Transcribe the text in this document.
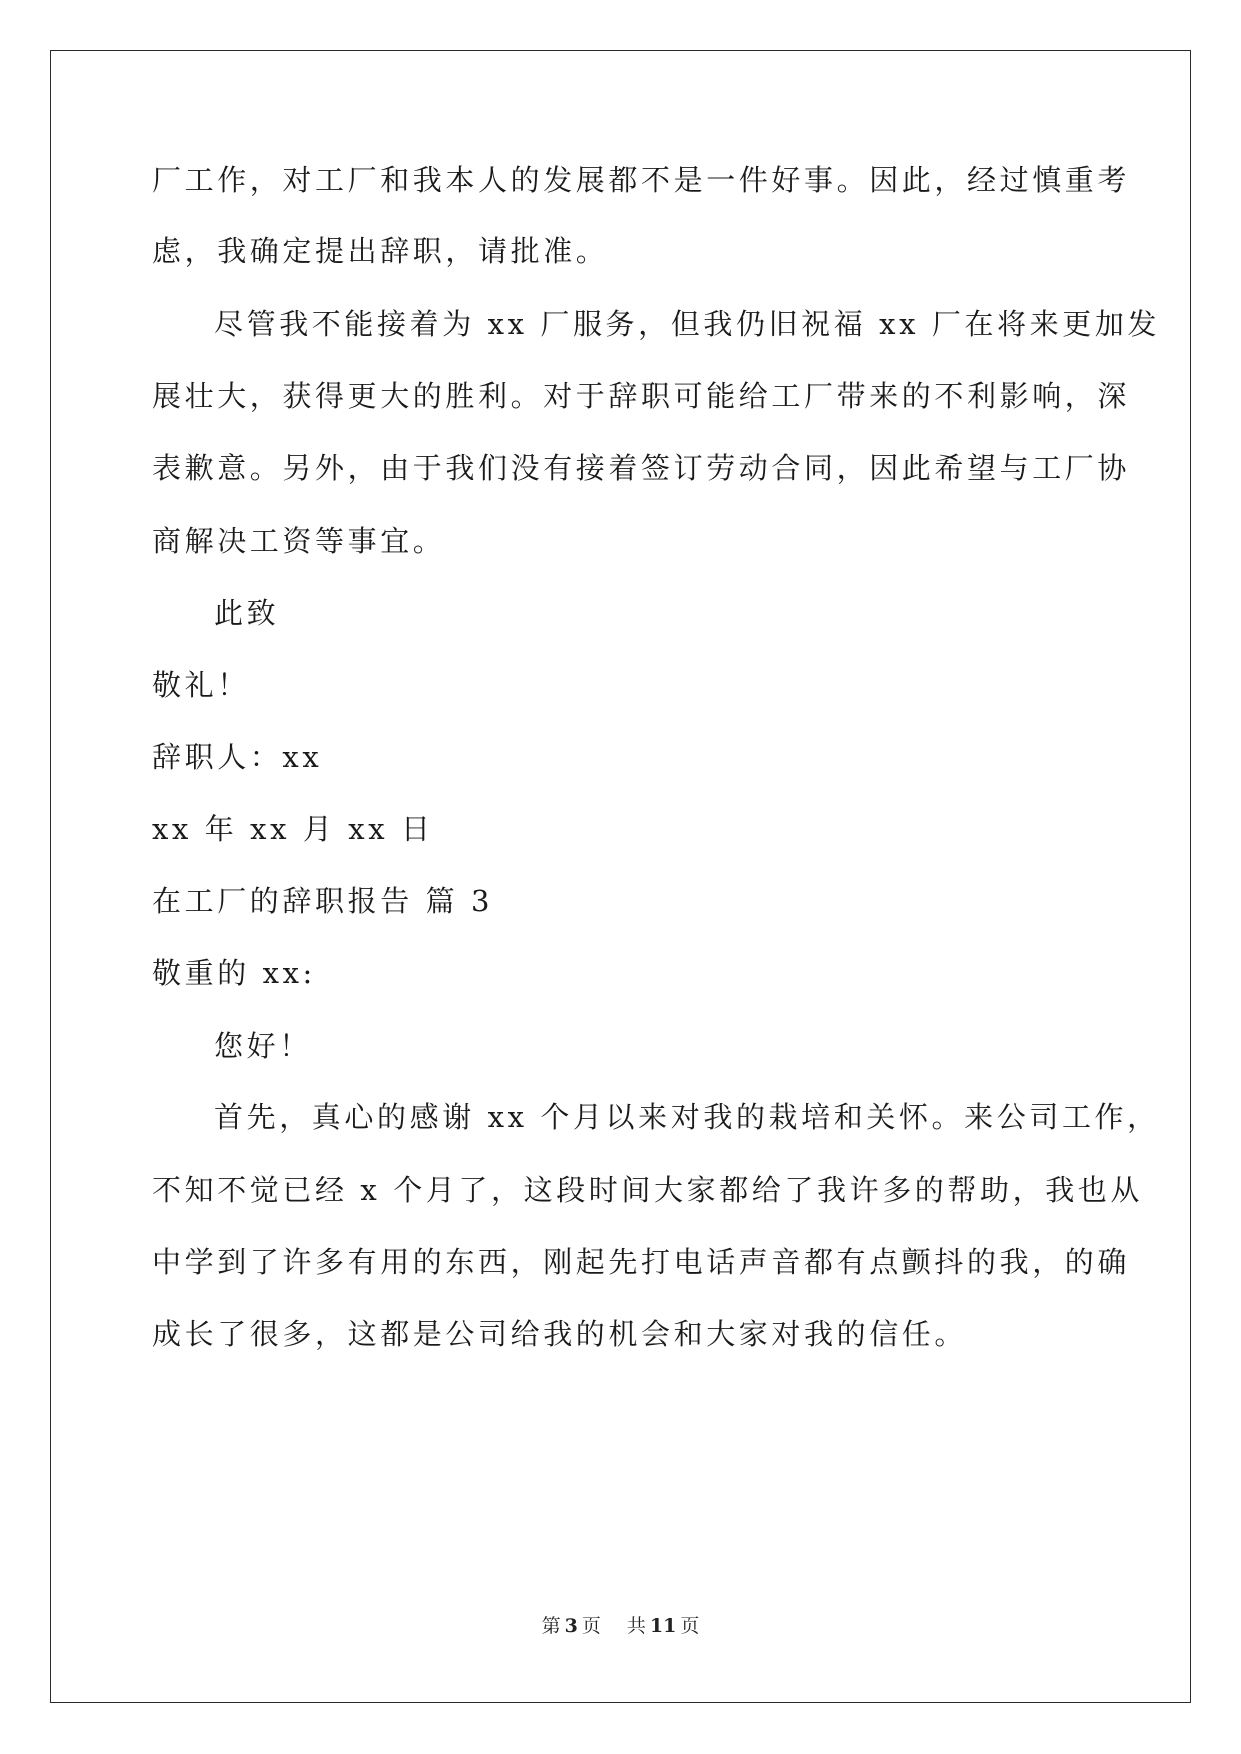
厂工作，对工厂和我本人的发展都不是一件好事。因此，经过慎重考
虑，我确定提出辞职，请批准。
尽管我不能接着为 xx 厂服务，但我仍旧祝福 xx 厂在将来更加发
展壮大，获得更大的胜利。对于辞职可能给工厂带来的不利影响，深
表歉意。另外，由于我们没有接着签订劳动合同，因此希望与工厂协
商解决工资等事宜。
此致
敬礼！
辞职人：xx
xx 年 xx 月 xx 日
在工厂的辞职报告 篇 3
敬重的 xx:
您好！
首先，真心的感谢 xx 个月以来对我的栽培和关怀。来公司工作，
不知不觉已经 x 个月了，这段时间大家都给了我许多的帮助，我也从
中学到了许多有用的东西，刚起先打电话声音都有点颤抖的我，的确
成长了很多，这都是公司给我的机会和大家对我的信任。
第 3 页 共 11 页
